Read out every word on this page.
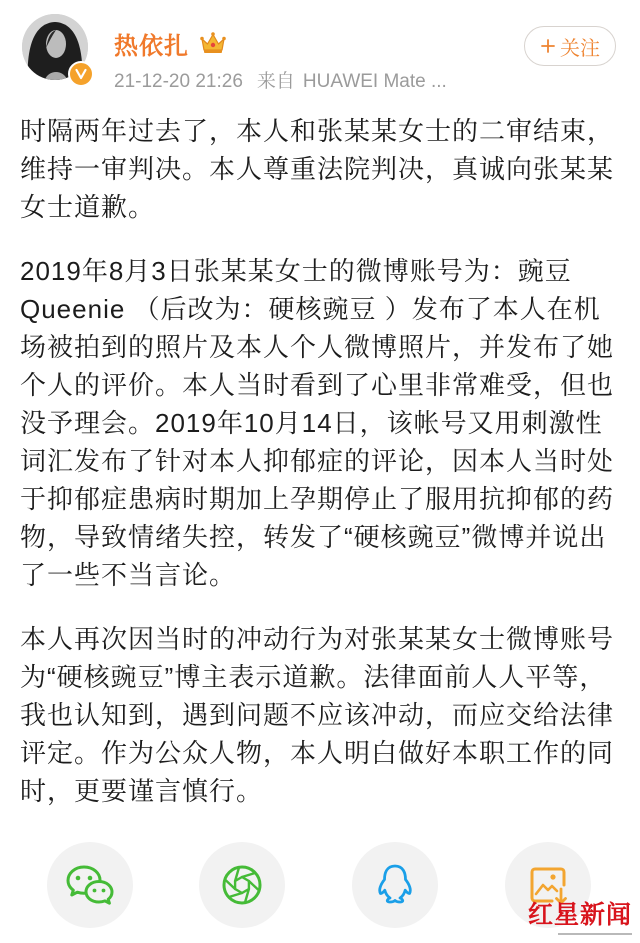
热依扎
21-12-20 21:26 来自 HUAWEI Mate ...
关注
时隔两年过去了，本人和张某某女士的二审结束，
维持一审判决。本人尊重法院判决，真诚向张某某
女士道歉。
2019年8月3日张某某女士的微博账号为：豌豆
Queenie （后改为：硬核豌豆 ）发布了本人在机
场被拍到的照片及本人个人微博照片，并发布了她
个人的评价。本人当时看到了心里非常难受，但也
没予理会。2019年10月14日，该帐号又用刺激性
词汇发布了针对本人抑郁症的评论，因本人当时处
于抑郁症患病时期加上孕期停止了服用抗抑郁的药
物，导致情绪失控，转发了“硬核豌豆”微博并说出
了一些不当言论。
本人再次因当时的冲动行为对张某某女士微博账号
为“硬核豌豆”博主表示道歉。法律面前人人平等，
我也认知到，遇到问题不应该冲动，而应交给法律
评定。作为公众人物，本人明白做好本职工作的同
时，更要谨言慎行。
红星新闻
